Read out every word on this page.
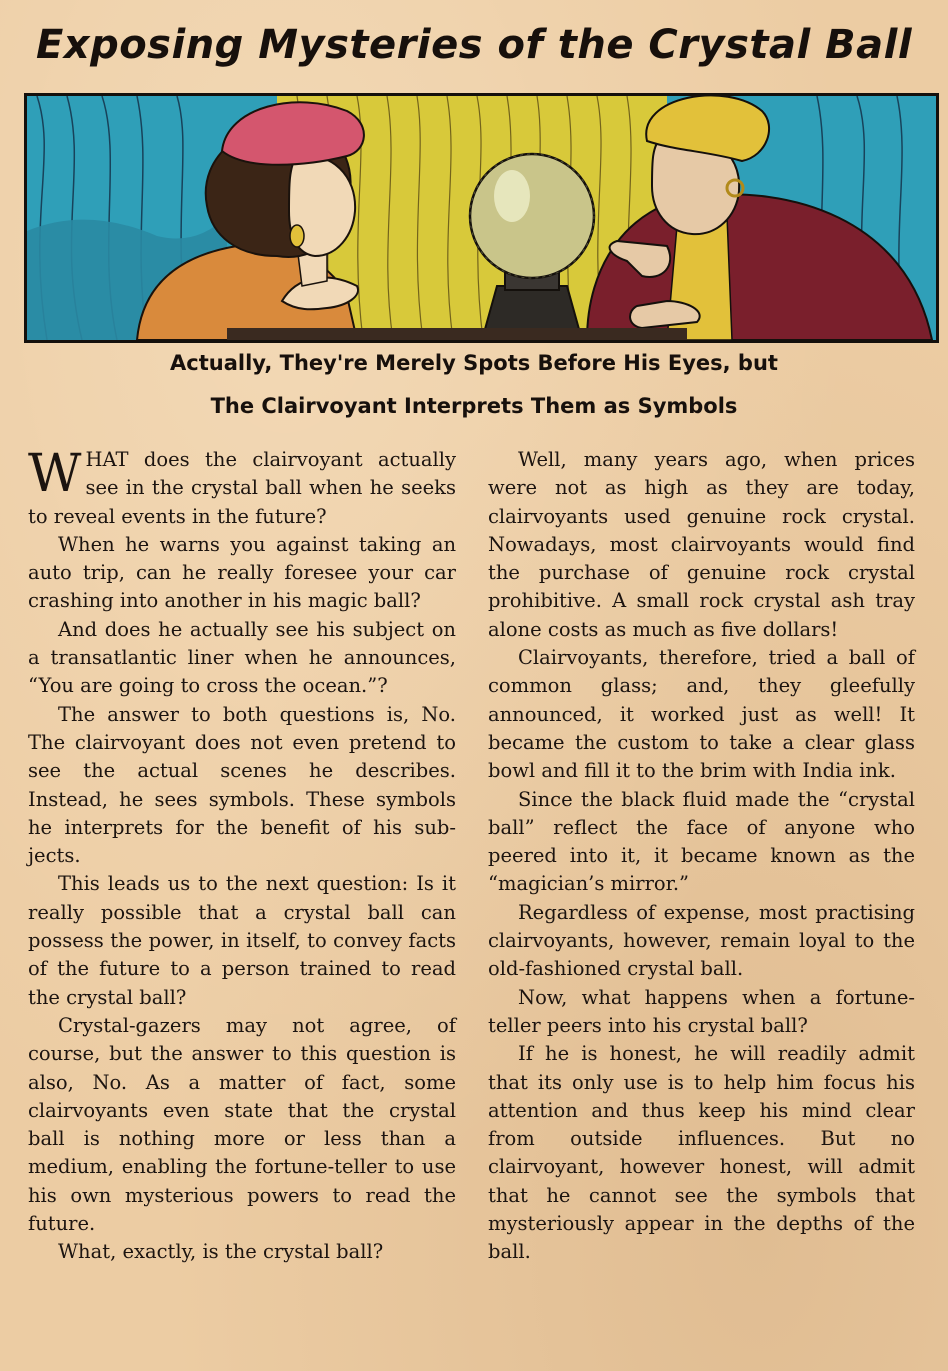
Exposing Mysteries of the Crystal Ball
Actually, They're Merely Spots Before His Eyes, but
The Clairvoyant Interprets Them as Symbols

WHAT does the clairvoyant actually see in the crystal ball when he seeks to reveal events in the future?

When he warns you against taking an auto trip, can he really foresee your car crashing into another in his magic ball?

And does he actually see his subject on a transatlantic liner when he announces, “You are going to cross the ocean.”?

The answer to both questions is, No. The clairvoyant does not even pretend to see the actual scenes he describes. Instead, he sees symbols. These symbols he interprets for the benefit of his subjects.

This leads us to the next question: Is it really possible that a crystal ball can possess the power, in itself, to convey facts of the future to a person trained to read the crystal ball?

Crystal-gazers may not agree, of course, but the answer to this question is also, No. As a matter of fact, some clairvoyants even state that the crystal ball is nothing more or less than a medium, enabling the fortune-teller to use his own mysterious powers to read the future.

What, exactly, is the crystal ball?

Well, many years ago, when prices were not as high as they are today, clairvoyants used genuine rock crystal. Nowadays, most clairvoyants would find the purchase of genuine rock crystal prohibitive. A small rock crystal ash tray alone costs as much as five dollars!

Clairvoyants, therefore, tried a ball of common glass; and, they gleefully announced, it worked just as well! It became the custom to take a clear glass bowl and fill it to the brim with India ink.

Since the black fluid made the “crystal ball” reflect the face of anyone who peered into it, it became known as the “magician’s mirror.”

Regardless of expense, most practising clairvoyants, however, remain loyal to the old-fashioned crystal ball.

Now, what happens when a fortuneteller peers into his crystal ball?

If he is honest, he will readily admit that its only use is to help him focus his attention and thus keep his mind clear from outside influences. But no clairvoyant, however honest, will admit that he cannot see the symbols that mysteriously appear in the depths of the ball.
